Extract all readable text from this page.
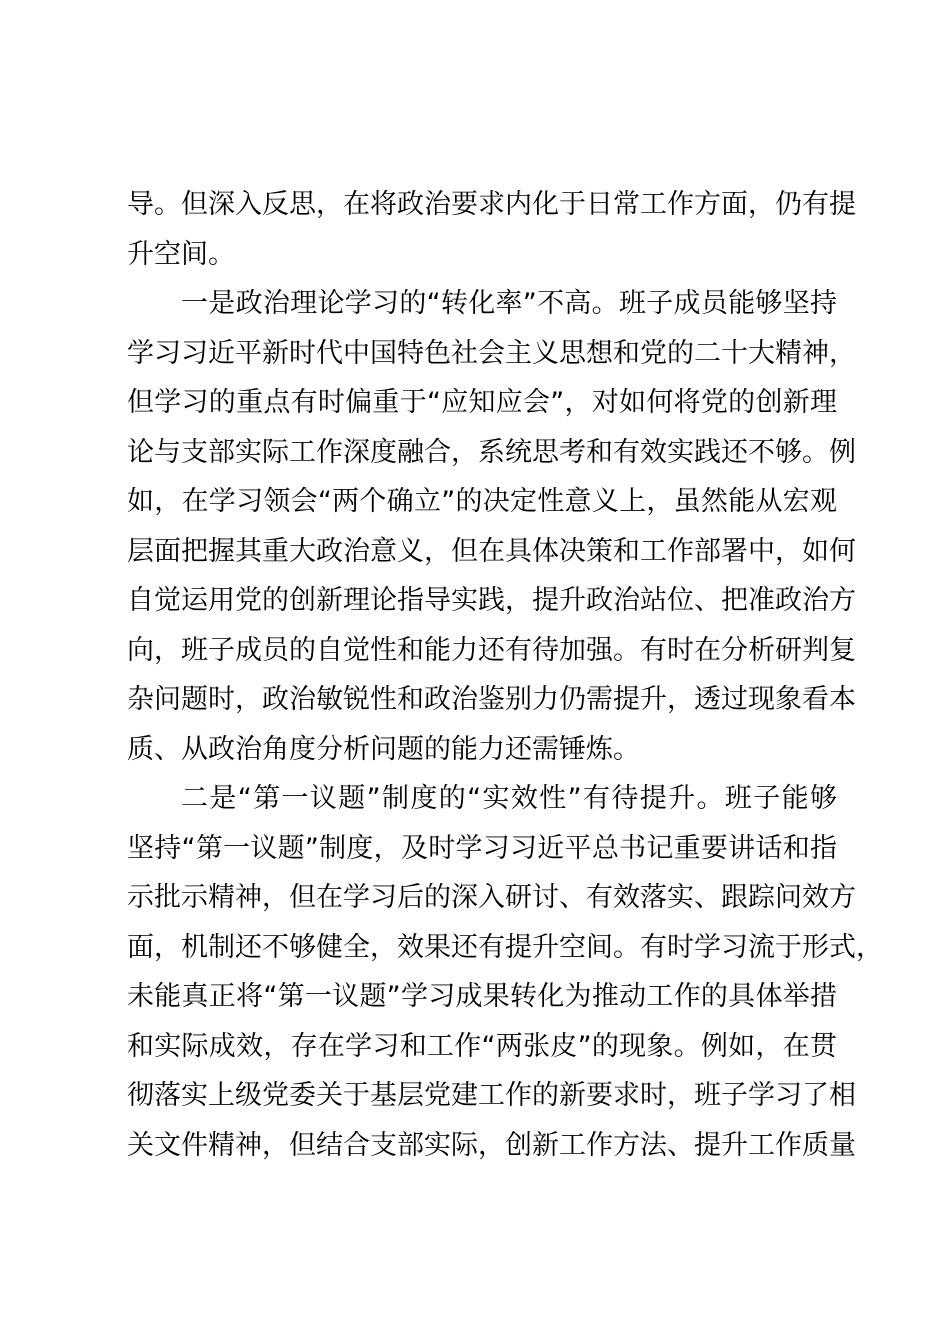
导。但深入反思，在将政治要求内化于日常工作方面，仍有提
升空间。
一是政治理论学习的“转化率”不高。班子成员能够坚持
学习习近平新时代中国特色社会主义思想和党的二十大精神，
但学习的重点有时偏重于“应知应会”，对如何将党的创新理
论与支部实际工作深度融合，系统思考和有效实践还不够。例
如，在学习领会“两个确立”的决定性意义上，虽然能从宏观
层面把握其重大政治意义，但在具体决策和工作部署中，如何
自觉运用党的创新理论指导实践，提升政治站位、把准政治方
向，班子成员的自觉性和能力还有待加强。有时在分析研判复
杂问题时，政治敏锐性和政治鉴别力仍需提升，透过现象看本
质、从政治角度分析问题的能力还需锤炼。
二是“第一议题”制度的“实效性”有待提升。班子能够
坚持“第一议题”制度，及时学习习近平总书记重要讲话和指
示批示精神，但在学习后的深入研讨、有效落实、跟踪问效方
面，机制还不够健全，效果还有提升空间。有时学习流于形式，
未能真正将“第一议题”学习成果转化为推动工作的具体举措
和实际成效，存在学习和工作“两张皮”的现象。例如，在贯
彻落实上级党委关于基层党建工作的新要求时，班子学习了相
关文件精神，但结合支部实际，创新工作方法、提升工作质量
